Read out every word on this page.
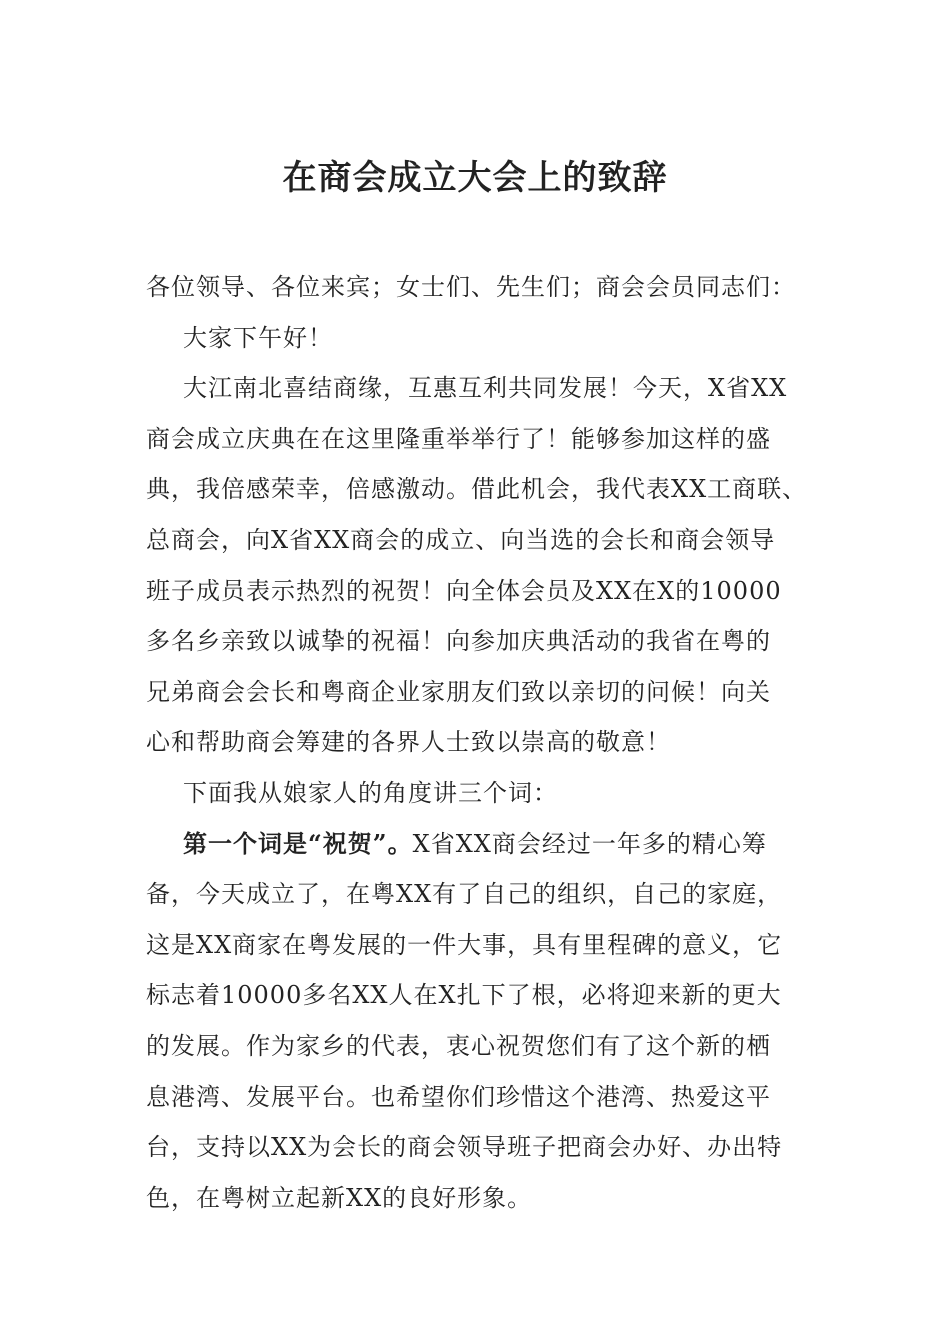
在商会成立大会上的致辞
各位领导、各位来宾；女士们、先生们；商会会员同志们：
大家下午好！
大江南北喜结商缘，互惠互利共同发展！今天，X省XX
商会成立庆典在在这里隆重举举行了！能够参加这样的盛
典，我倍感荣幸，倍感激动。借此机会，我代表XX工商联、
总商会，向X省XX商会的成立、向当选的会长和商会领导
班子成员表示热烈的祝贺！向全体会员及XX在X的10000
多名乡亲致以诚挚的祝福！向参加庆典活动的我省在粤的
兄弟商会会长和粤商企业家朋友们致以亲切的问候！向关
心和帮助商会筹建的各界人士致以崇高的敬意！
下面我从娘家人的角度讲三个词：
第一个词是“祝贺”。X省XX商会经过一年多的精心筹
备，今天成立了，在粤XX有了自己的组织，自己的家庭，
这是XX商家在粤发展的一件大事，具有里程碑的意义，它
标志着10000多名XX人在X扎下了根，必将迎来新的更大
的发展。作为家乡的代表，衷心祝贺您们有了这个新的栖
息港湾、发展平台。也希望你们珍惜这个港湾、热爱这平
台，支持以XX为会长的商会领导班子把商会办好、办出特
色，在粤树立起新XX的良好形象。
